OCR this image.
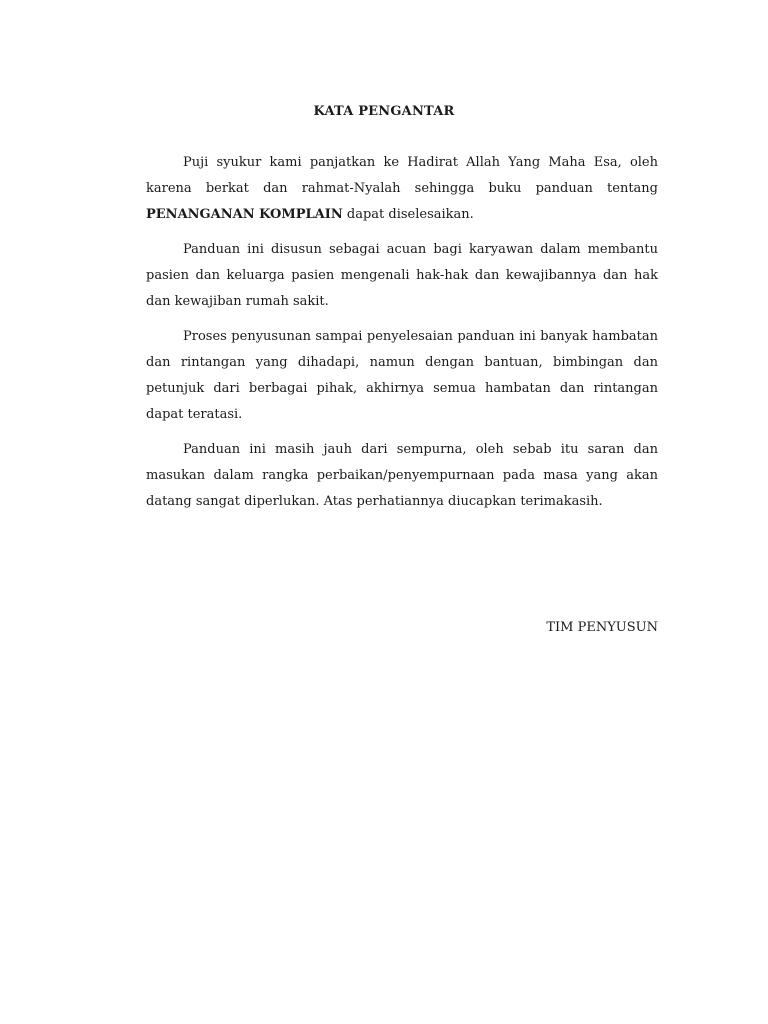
KATA PENGANTAR

Puji syukur kami panjatkan ke Hadirat Allah Yang Maha Esa, oleh karena berkat dan rahmat-Nyalah sehingga buku panduan tentang PENANGANAN KOMPLAIN dapat diselesaikan.

Panduan ini disusun sebagai acuan bagi karyawan dalam membantu pasien dan keluarga pasien mengenali hak-hak dan kewajibannya dan hak dan kewajiban rumah sakit.

Proses penyusunan sampai penyelesaian panduan ini banyak hambatan dan rintangan yang dihadapi, namun dengan bantuan, bimbingan dan petunjuk dari berbagai pihak, akhirnya semua hambatan dan rintangan dapat teratasi.

Panduan ini masih jauh dari sempurna, oleh sebab itu saran dan masukan dalam rangka perbaikan/penyempurnaan pada masa yang akan datang sangat diperlukan. Atas perhatiannya diucapkan terimakasih.

TIM PENYUSUN
